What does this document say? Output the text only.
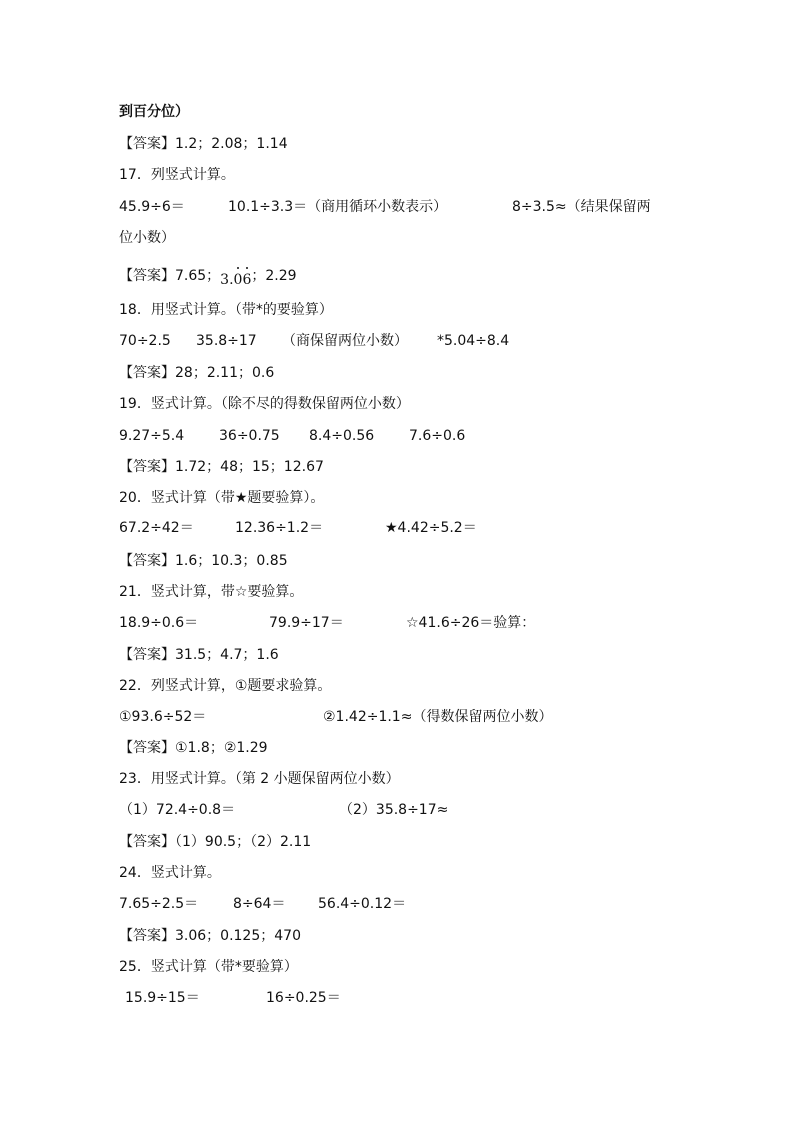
到百分位）
【答案】1.2；2.08；1.14
17．列竖式计算。
45.9÷6＝	10.1÷3.3＝（商用循环小数表示）	8÷3.5≈（结果保留两
位小数）
【答案】7.65；3.06；2.29
18．用竖式计算。（带*的要验算）
70÷2.5 35.8÷17 （商保留两位小数） *5.04÷8.4
【答案】28；2.11；0.6
19．竖式计算。（除不尽的得数保留两位小数）
9.27÷5.4 36÷0.75 8.4÷0.56 7.6÷0.6
【答案】1.72；48；15；12.67
20．竖式计算（带★题要验算）。
67.2÷42＝	12.36÷1.2＝	★4.42÷5.2＝
【答案】1.6；10.3；0.85
21．竖式计算，带☆要验算。
18.9÷0.6＝	79.9÷17＝	☆41.6÷26＝验算：
【答案】31.5；4.7；1.6
22．列竖式计算，①题要求验算。
①93.6÷52＝	②1.42÷1.1≈（得数保留两位小数）
【答案】①1.8；②1.29
23．用竖式计算。（第 2 小题保留两位小数）
（1）72.4÷0.8＝	（2）35.8÷17≈
【答案】（1）90.5；（2）2.11
24．竖式计算。
7.65÷2.5＝ 8÷64＝ 56.4÷0.12＝
【答案】3.06；0.125；470
25．竖式计算（带*要验算）
15.9÷15＝	16÷0.25＝
